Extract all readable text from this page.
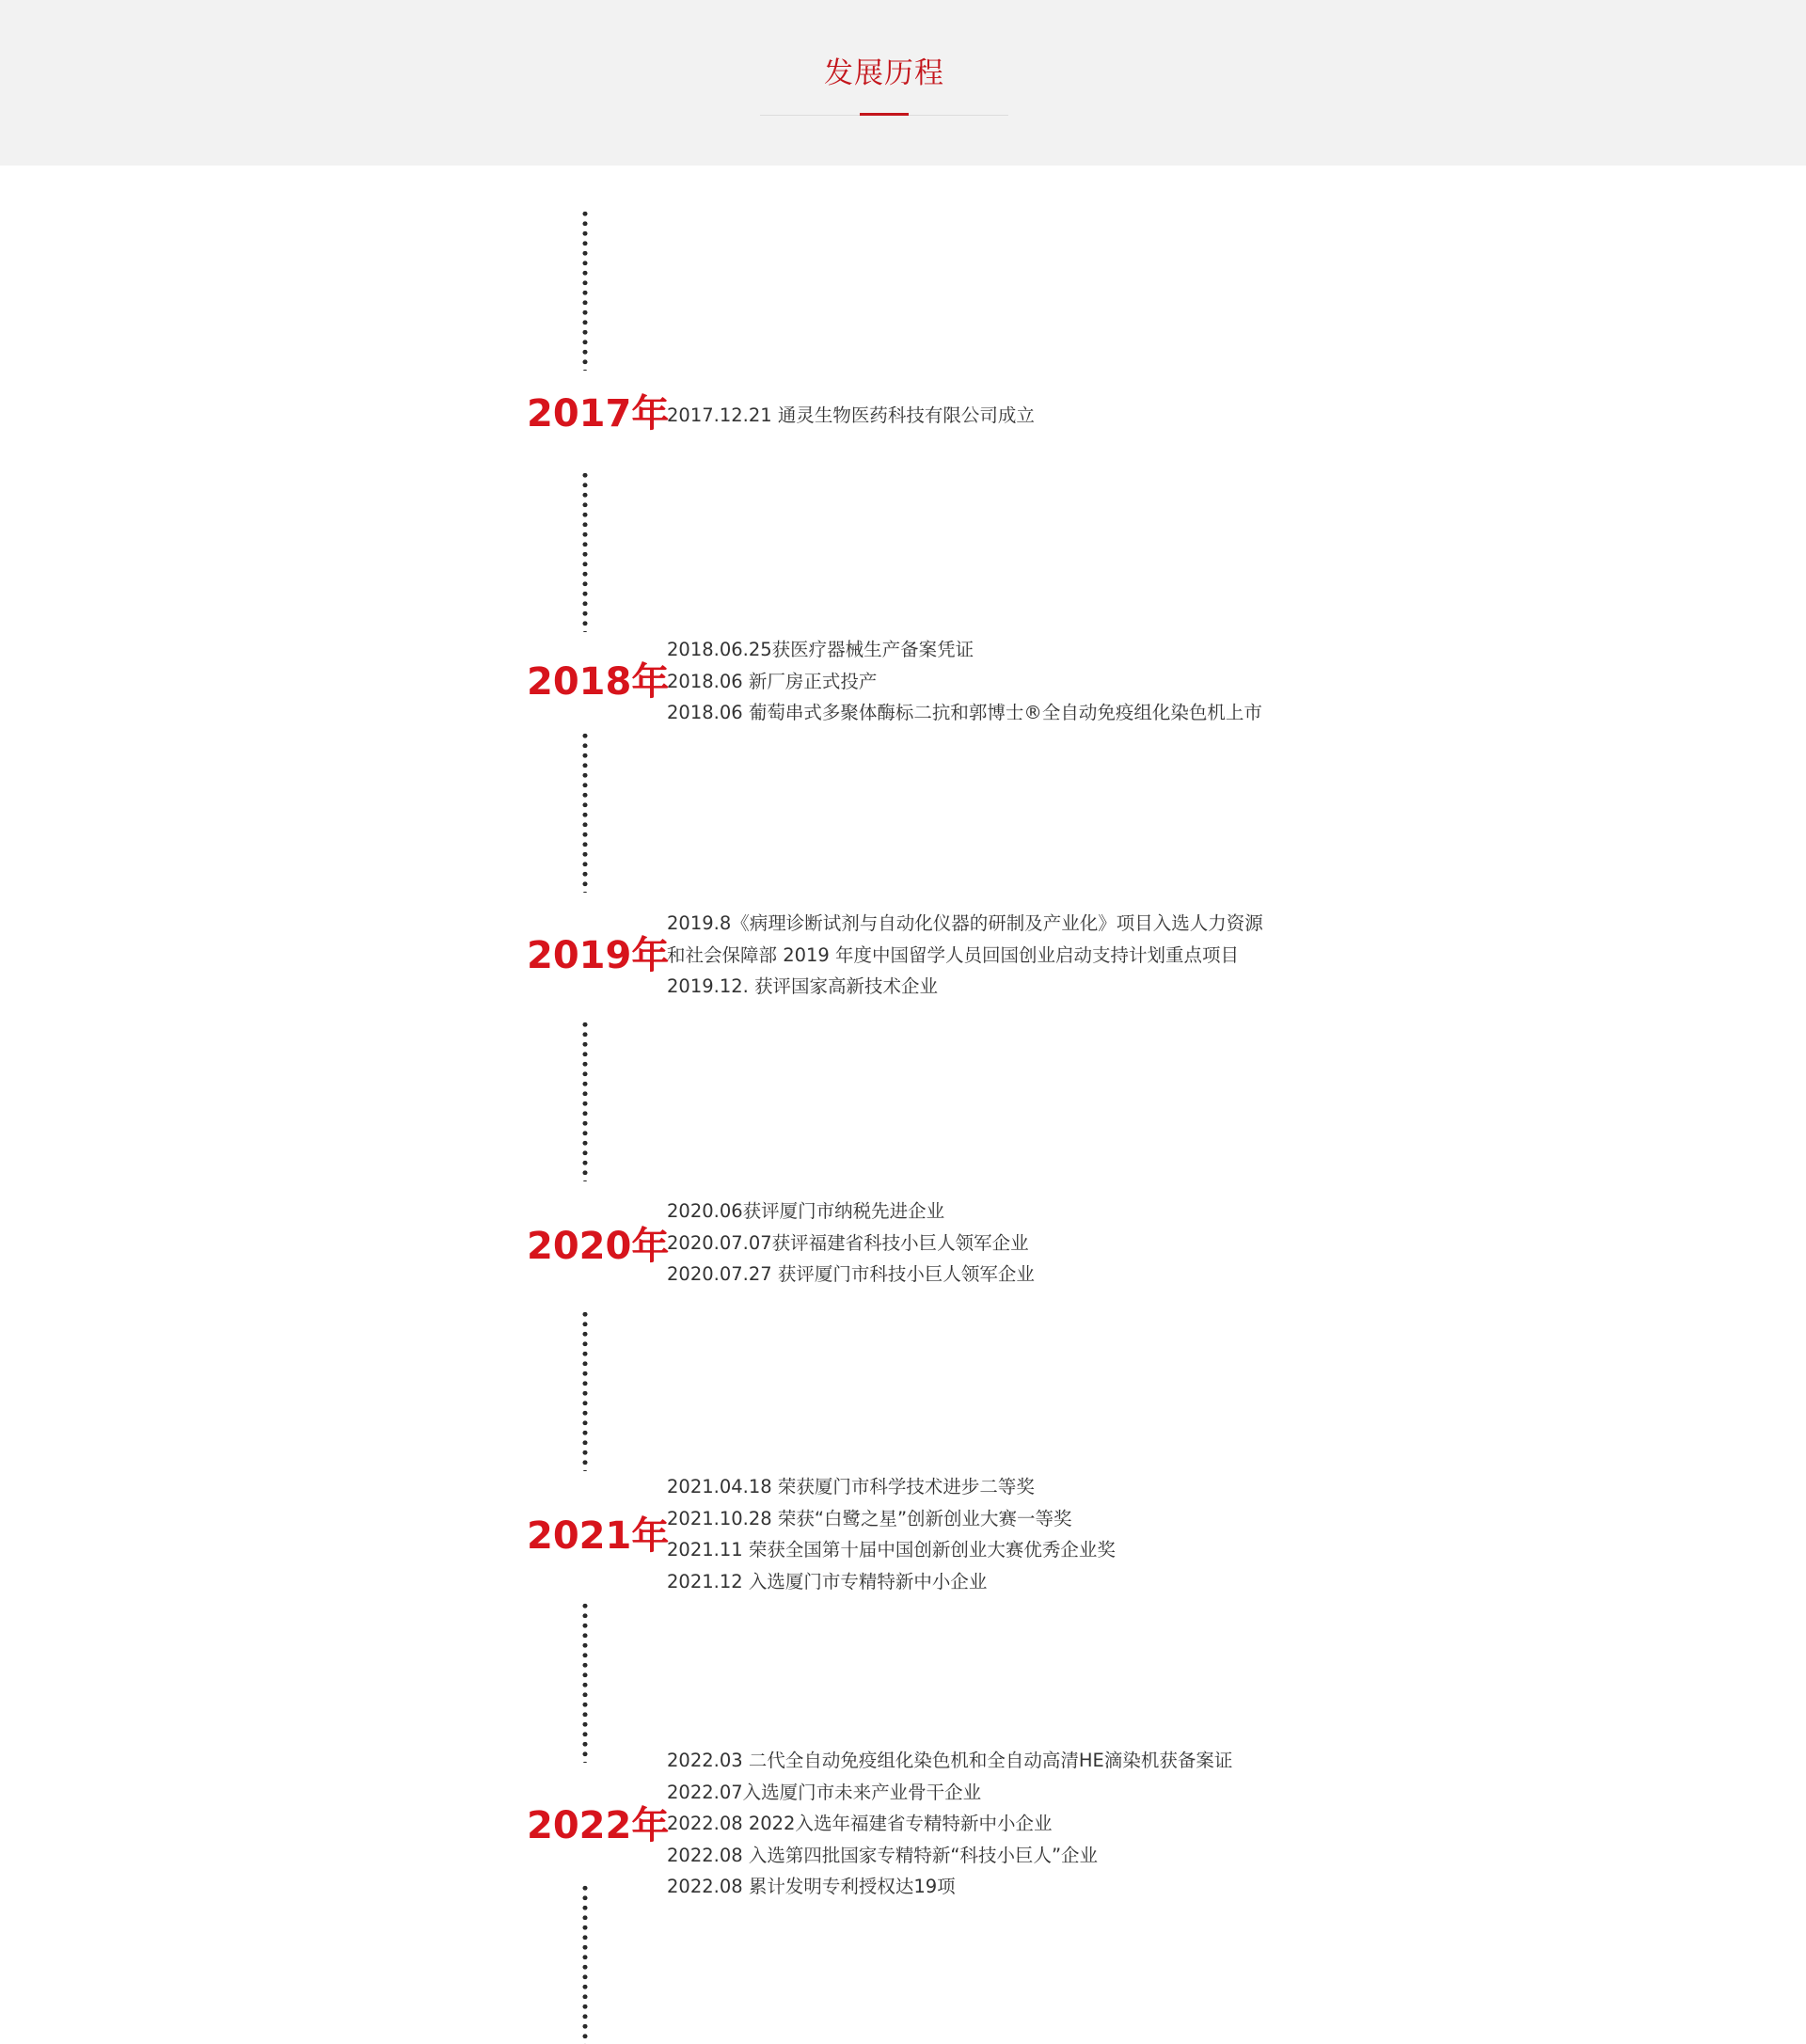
发展历程
2017年
2017.12.21 通灵生物医药科技有限公司成立
2018年
2018.06.25获医疗器械生产备案凭证
2018.06 新厂房正式投产
2018.06 葡萄串式多聚体酶标二抗和郭博士®全自动免疫组化染色机上市
2019年
2019.8《病理诊断试剂与自动化仪器的研制及产业化》项目入选人力资源
和社会保障部 2019 年度中国留学人员回国创业启动支持计划重点项目
2019.12. 获评国家高新技术企业
2020年
2020.06获评厦门市纳税先进企业
2020.07.07获评福建省科技小巨人领军企业
2020.07.27 获评厦门市科技小巨人领军企业
2021年
2021.04.18 荣获厦门市科学技术进步二等奖
2021.10.28 荣获“白鹭之星”创新创业大赛一等奖
2021.11 荣获全国第十届中国创新创业大赛优秀企业奖
2021.12 入选厦门市专精特新中小企业
2022年
2022.03 二代全自动免疫组化染色机和全自动高清HE滴染机获备案证
2022.07入选厦门市未来产业骨干企业
2022.08 2022入选年福建省专精特新中小企业
2022.08 入选第四批国家专精特新“科技小巨人”企业
2022.08 累计发明专利授权达19项
